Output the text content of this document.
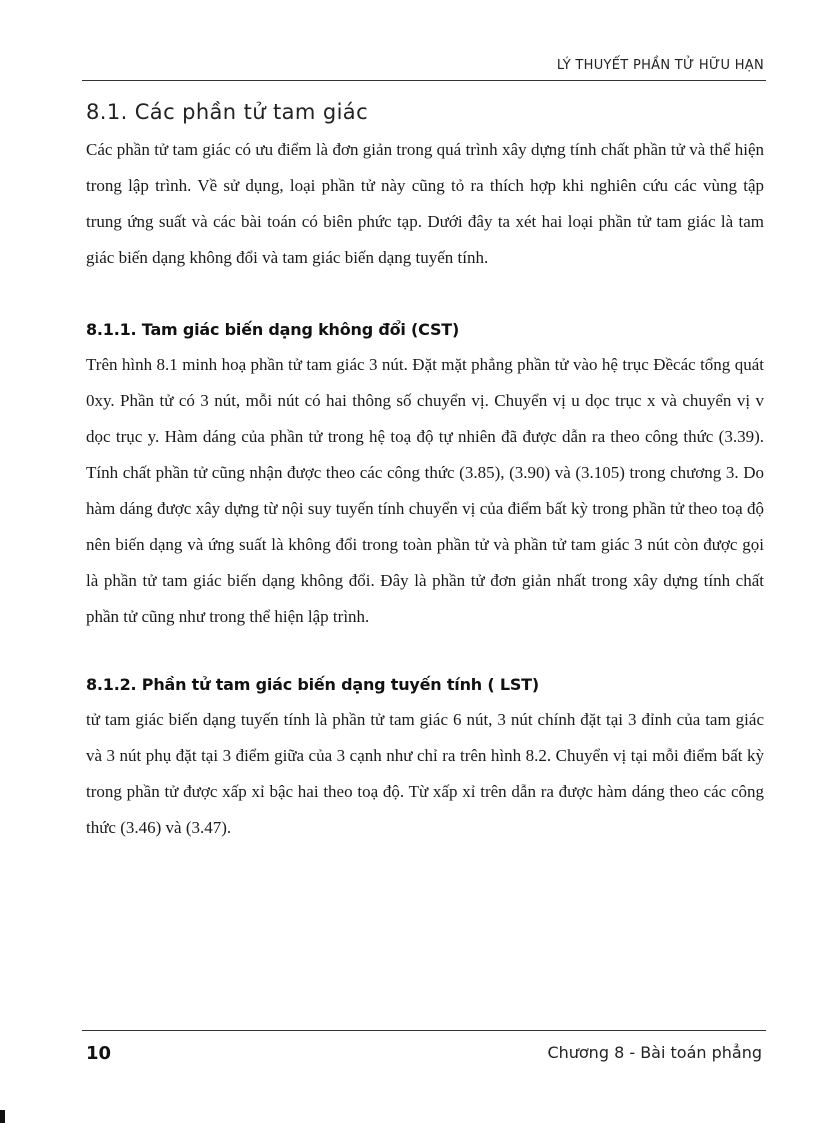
LÝ THUYẾT PHẦN TỬ HỮU HẠN
8.1. Các phần tử tam giác

Các phần tử tam giác có ưu điểm là đơn giản trong quá trình xây dựng tính chất phần tử và thể hiện trong lập trình. Về sử dụng, loại phần tử này cũng tỏ ra thích hợp khi nghiên cứu các vùng tập trung ứng suất và các bài toán có biên phức tạp. Dưới đây ta xét hai loại phần tử tam giác là tam giác biến dạng không đổi và tam giác biến dạng tuyến tính.

8.1.1. Tam giác biến dạng không đổi (CST)

Trên hình 8.1 minh hoạ phần tử tam giác 3 nút. Đặt mặt phẳng phần tử vào hệ trục Đềcác tổng quát 0xy. Phần tử có 3 nút, mỗi nút có hai thông số chuyển vị. Chuyển vị u dọc trục x và chuyển vị v dọc trục y. Hàm dáng của phần tử trong hệ toạ độ tự nhiên đã được dẫn ra theo công thức (3.39). Tính chất phần tử cũng nhận được theo các công thức (3.85), (3.90) và (3.105) trong chương 3. Do hàm dáng được xây dựng từ nội suy tuyến tính chuyển vị của điểm bất kỳ trong phần tử theo toạ độ nên biến dạng và ứng suất là không đổi trong toàn phần tử và phần tử tam giác 3 nút còn được gọi là phần tử tam giác biến dạng không đổi. Đây là phần tử đơn giản nhất trong xây dựng tính chất phần tử cũng như trong thể hiện lập trình.

8.1.2. Phần tử tam giác biến dạng tuyến tính ( LST)

tử tam giác biến dạng tuyến tính là phần tử tam giác 6 nút, 3 nút chính đặt tại 3 đỉnh của tam giác và 3 nút phụ đặt tại 3 điểm giữa của 3 cạnh như chỉ ra trên hình 8.2. Chuyển vị tại mỗi điểm bất kỳ trong phần tử được xấp xỉ bậc hai theo toạ độ. Từ xấp xỉ trên dẫn ra được hàm dáng theo các công thức (3.46) và (3.47).

10	Chương 8 - Bài toán phẳng
